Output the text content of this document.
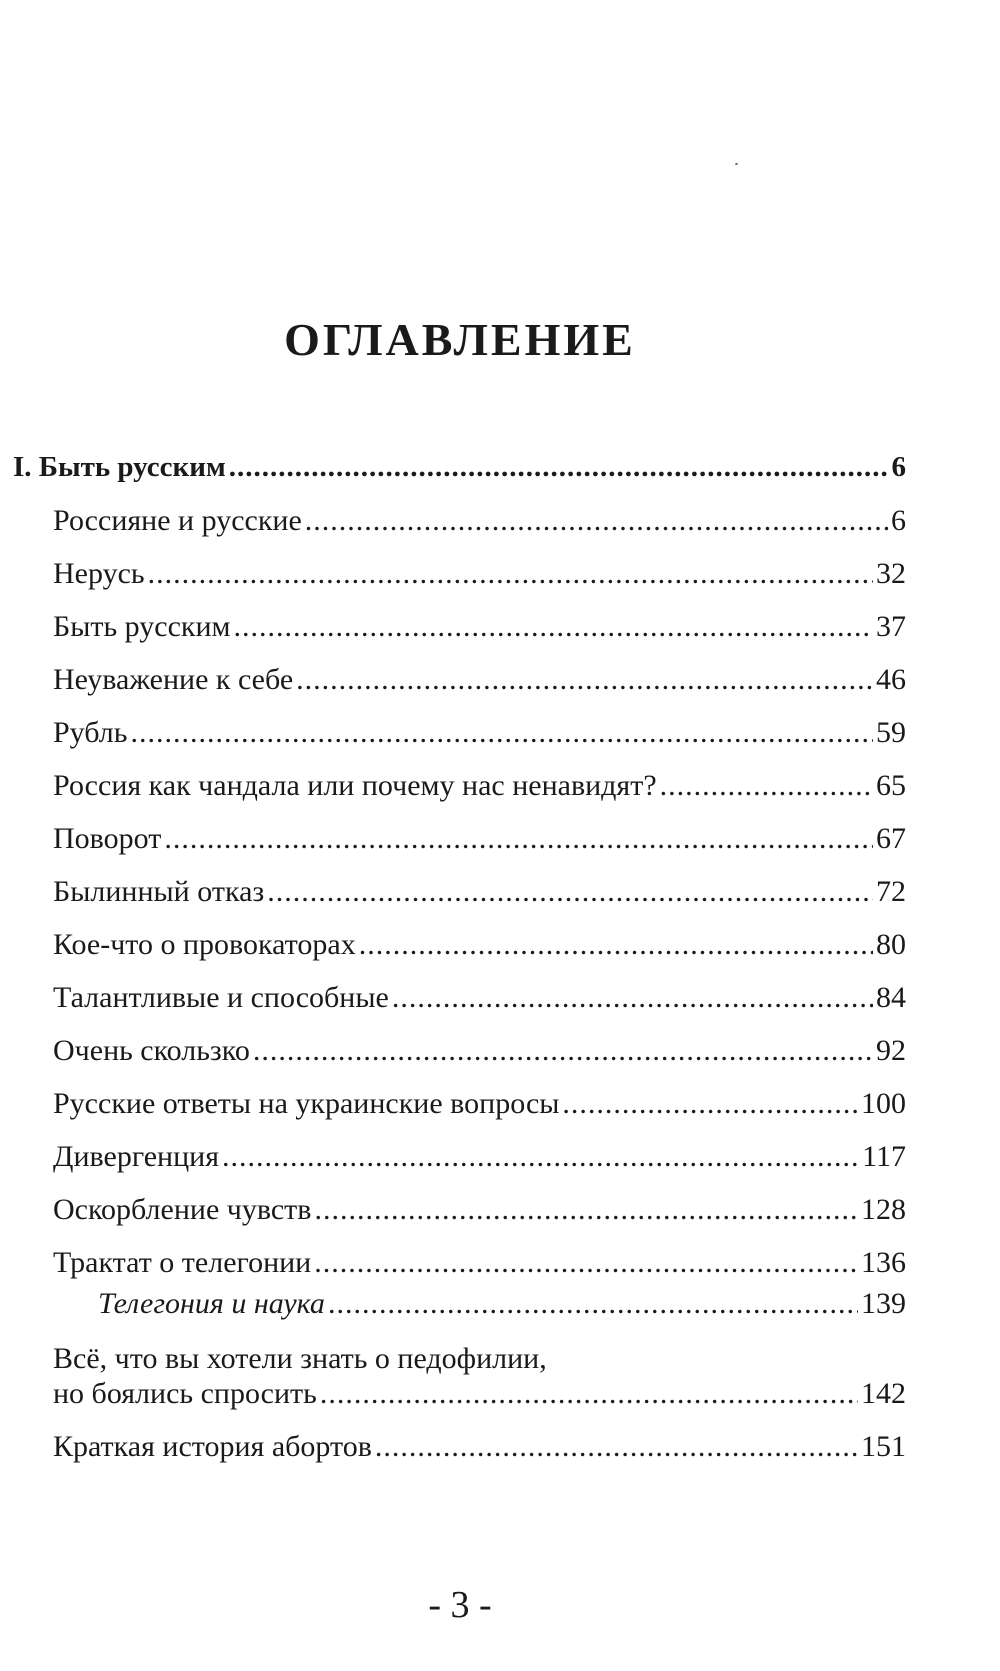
ОГЛАВЛЕНИЕ
I. Быть русским .....	6
Россияне и русские .....	6
Нерусь .....	32
Быть русским .....	37
Неуважение к себе .....	46
Рубль .....	59
Россия как чандала или почему нас ненавидят? .....	65
Поворот .....	67
Былинный отказ .....	72
Кое-что о провокаторах .....	80
Талантливые и способные .....	84
Очень скользко .....	92
Русские ответы на украинские вопросы .....	100
Дивергенция .....	117
Оскорбление чувств .....	128
Трактат о телегонии .....	136
Телегония и наука .....	139
Всё, что вы хотели знать о педофилии,
но боялись спросить .....	142
Краткая история абортов .....	151
- 3 -
